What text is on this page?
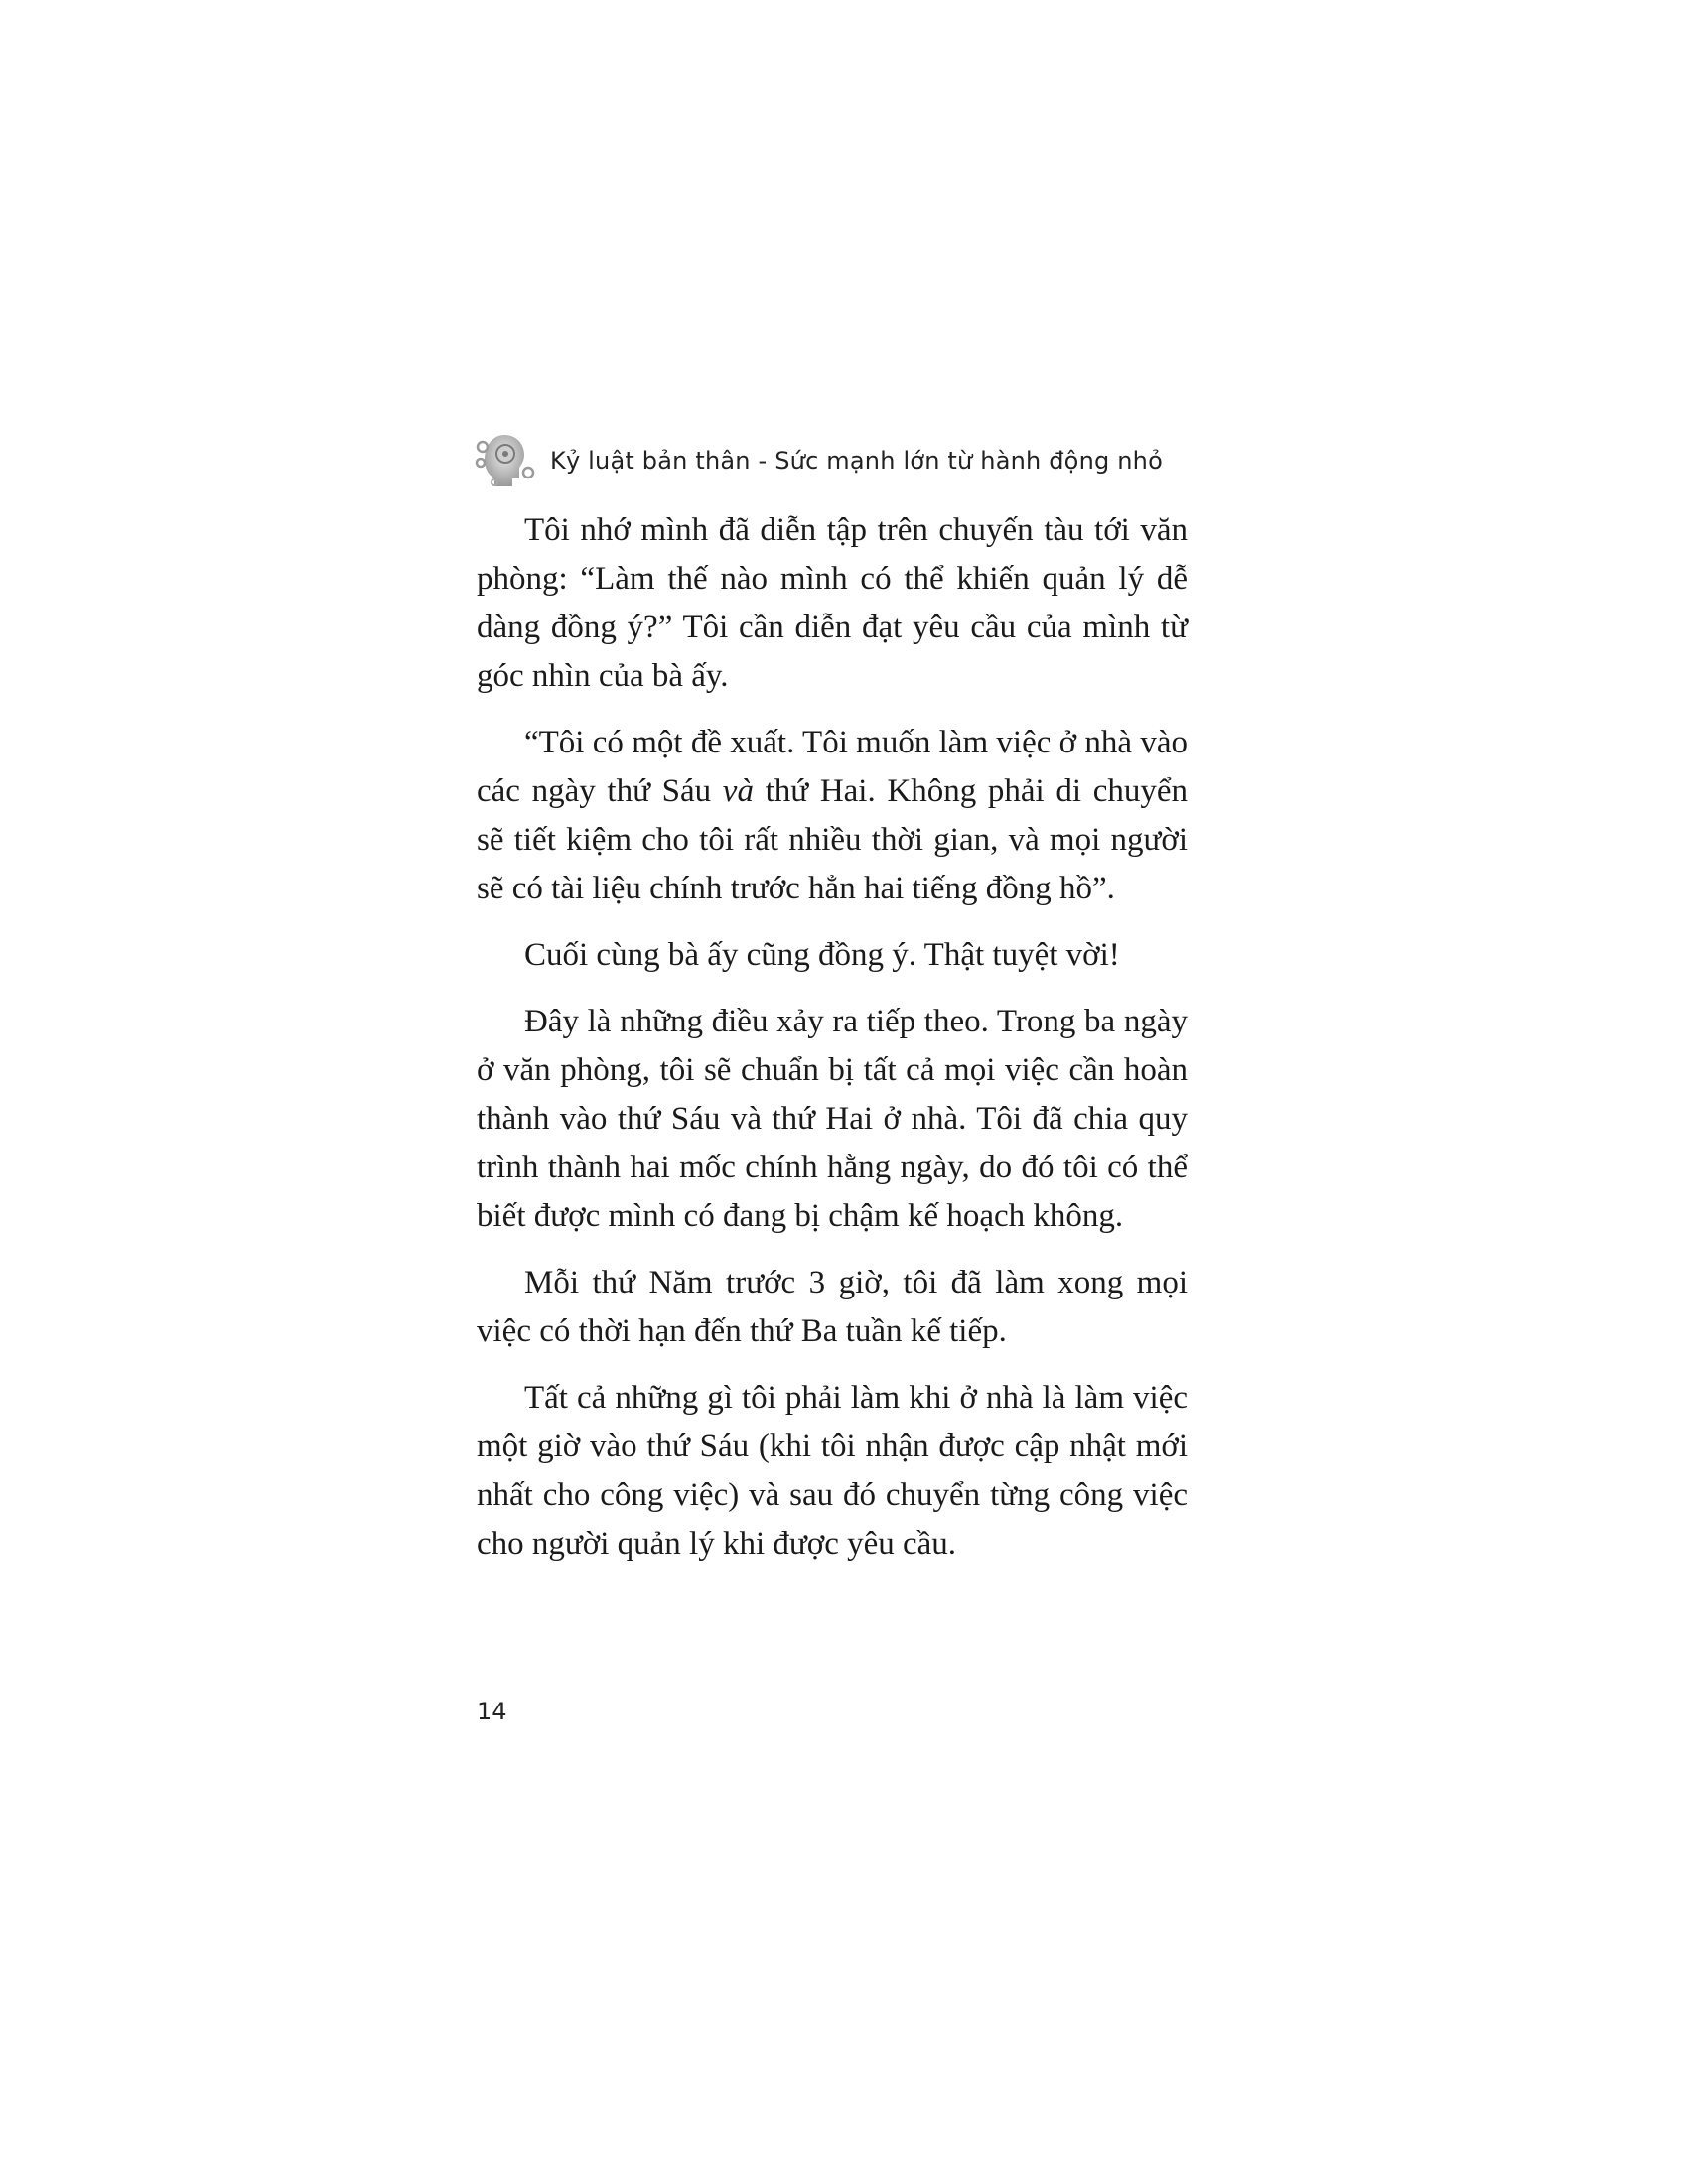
Kỷ luật bản thân - Sức mạnh lớn từ hành động nhỏ

Tôi nhớ mình đã diễn tập trên chuyến tàu tới văn phòng: “Làm thế nào mình có thể khiến quản lý dễ dàng đồng ý?” Tôi cần diễn đạt yêu cầu của mình từ góc nhìn của bà ấy.

“Tôi có một đề xuất. Tôi muốn làm việc ở nhà vào các ngày thứ Sáu và thứ Hai. Không phải di chuyển sẽ tiết kiệm cho tôi rất nhiều thời gian, và mọi người sẽ có tài liệu chính trước hẳn hai tiếng đồng hồ”.

Cuối cùng bà ấy cũng đồng ý. Thật tuyệt vời!

Đây là những điều xảy ra tiếp theo. Trong ba ngày ở văn phòng, tôi sẽ chuẩn bị tất cả mọi việc cần hoàn thành vào thứ Sáu và thứ Hai ở nhà. Tôi đã chia quy trình thành hai mốc chính hằng ngày, do đó tôi có thể biết được mình có đang bị chậm kế hoạch không.

Mỗi thứ Năm trước 3 giờ, tôi đã làm xong mọi việc có thời hạn đến thứ Ba tuần kế tiếp.

Tất cả những gì tôi phải làm khi ở nhà là làm việc một giờ vào thứ Sáu (khi tôi nhận được cập nhật mới nhất cho công việc) và sau đó chuyển từng công việc cho người quản lý khi được yêu cầu.

14
